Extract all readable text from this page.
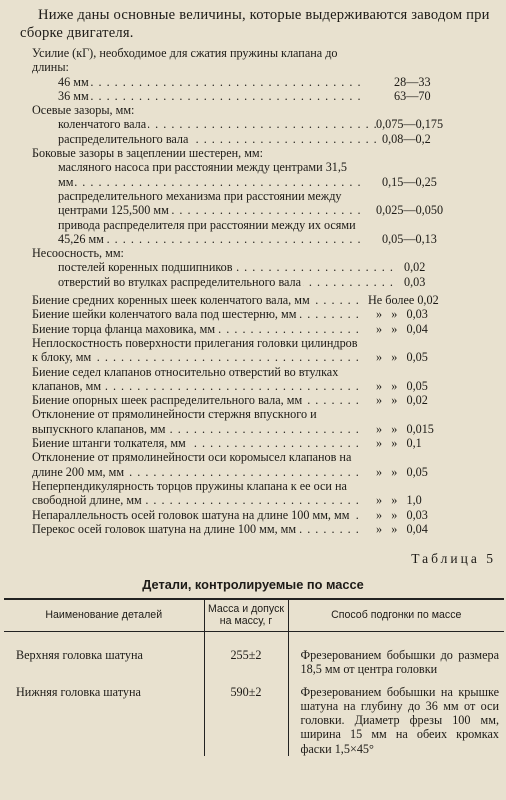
Ниже даны основные величины, которые выдерживаются заводом при сборке двигателя.
Усилие (кГ), необходимое для сжатия пружины клапана до длины:
46 мм . . .	28—33
36 мм . . .	63—70
Осевые зазоры, мм:
коленчатого вала . . .	0,075—0,175
распределительного вала . . .	0,08—0,2
Боковые зазоры в зацеплении шестерен, мм:
масляного насоса при расстоянии между центрами 31,5 мм . . .	0,15—0,25
распределительного механизма при расстоянии между центрами 125,500 мм . . .	0,025—0,050
привода распределителя при расстоянии между их осями 45,26 мм . . .	0,05—0,13
Несоосность, мм:
постелей коренных подшипников . . .	0,02
отверстий во втулках распределительного вала . . .	0,03
Биение средних коренных шеек коленчатого вала, мм . . .	Не более 0,02
Биение шейки коленчатого вала под шестерню, мм . . .	»   »   0,03
Биение торца фланца маховика, мм . . .	»   »   0,04
Неплоскостность поверхности прилегания головки цилиндров к блоку, мм . . .	»   »   0,05
Биение седел клапанов относительно отверстий во втулках клапанов, мм . . .	»   »   0,05
Биение опорных шеек распределительного вала, мм . . .	»   »   0,02
Отклонение от прямолинейности стержня впускного и выпускного клапанов, мм . . .	»   »   0,015
Биение штанги толкателя, мм . . .	»   »   0,1
Отклонение от прямолинейности оси коромысел клапанов на длине 200 мм, мм . . .	»   »   0,05
Неперпендикулярность торцов пружины клапана к ее оси на свободной длине, мм . . .	»   »   1,0
Непараллельность осей головок шатуна на длине 100 мм, мм . . .	»   »   0,03
Перекос осей головок шатуна на длине 100 мм, мм . . .	»   »   0,04
Таблица 5
Детали, контролируемые по массе
Наименование деталей	Масса и допуск на массу, г	Способ подгонки по массе
Верхняя головка шатуна	255±2	Фрезерованием бобышки до размера 18,5 мм от центра головки
Нижняя головка шатуна	590±2	Фрезерованием бобышки на крышке шатуна на глубину до 36 мм от оси головки. Диаметр фрезы 100 мм, ширина 15 мм на обеих кромках фаски 1,5×45°
